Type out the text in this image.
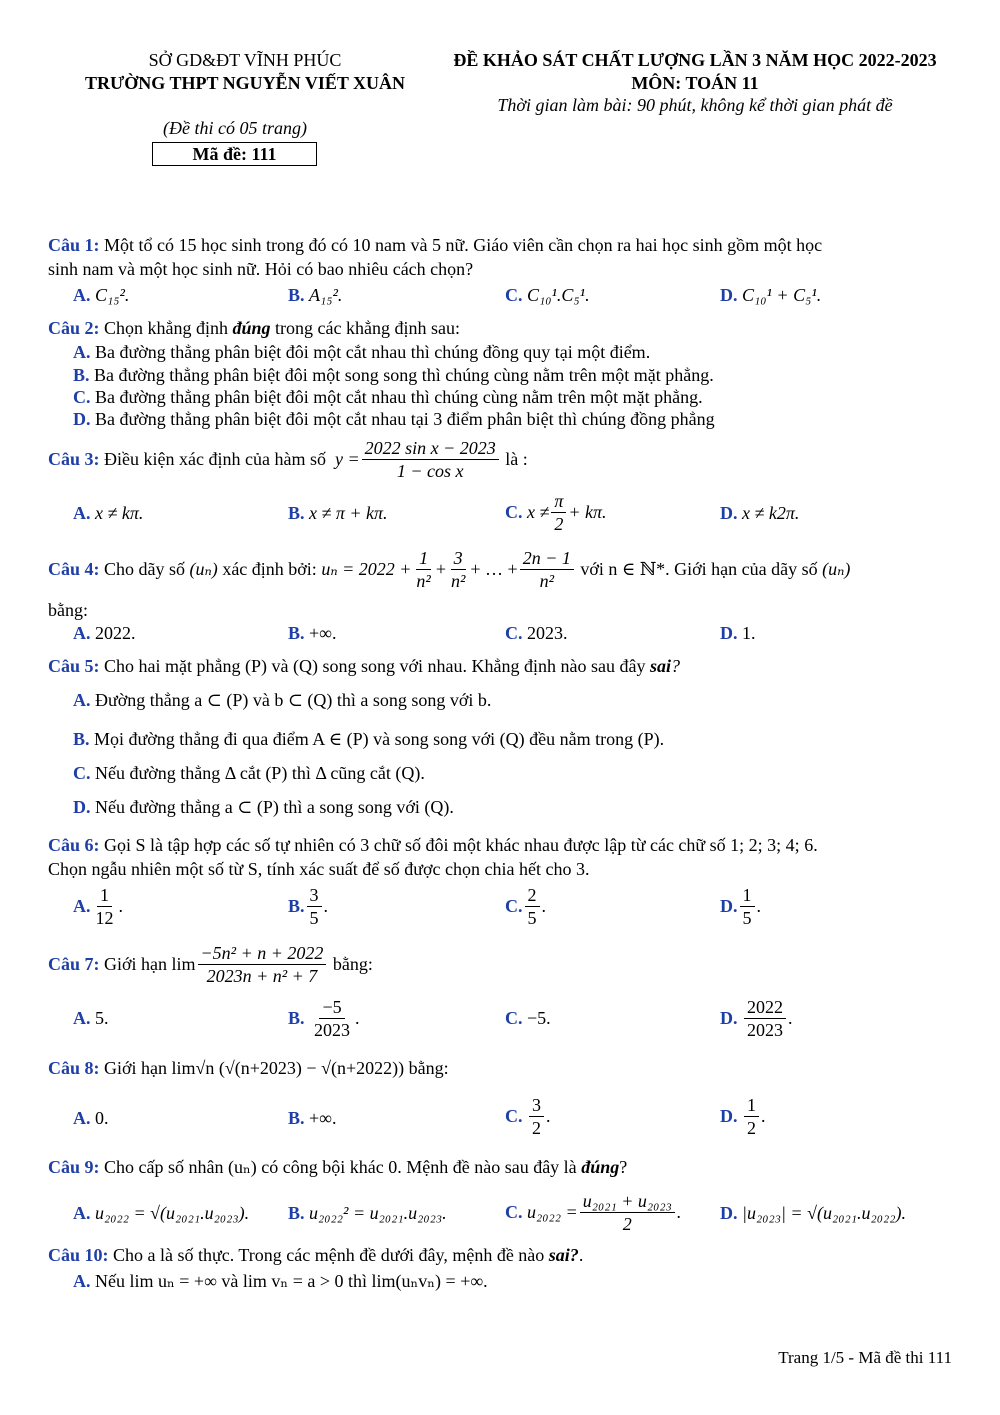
SỞ GD&ĐT VĨNH PHÚC
TRƯỜNG THPT NGUYỄN VIẾT XUÂN
(Đề thi có 05 trang)
Mã đề: 111
ĐỀ KHẢO SÁT CHẤT LƯỢNG LẦN 3 NĂM HỌC 2022-2023
MÔN: TOÁN 11
Thời gian làm bài: 90 phút, không kể thời gian phát đề
Câu 1: Một tổ có 15 học sinh trong đó có 10 nam và 5 nữ. Giáo viên cần chọn ra hai học sinh gồm một học
sinh nam và một học sinh nữ. Hỏi có bao nhiêu cách chọn?
A. C₁₅².	B. A₁₅².	C. C₁₀¹.C₅¹.	D. C₁₀¹ + C₅¹.
Câu 2: Chọn khẳng định đúng trong các khẳng định sau:
A. Ba đường thẳng phân biệt đôi một cắt nhau thì chúng đồng quy tại một điểm.
B. Ba đường thẳng phân biệt đôi một song song thì chúng cùng nằm trên một mặt phẳng.
C. Ba đường thẳng phân biệt đôi một cắt nhau thì chúng cùng nằm trên một mặt phẳng.
D. Ba đường thẳng phân biệt đôi một cắt nhau tại 3 điểm phân biệt thì chúng đồng phẳng
Câu 3:
Điều kiện xác định của hàm số
$y = \frac{\text{2022 sin x − 2023}}{\text{1 − cos x}}$
là :
A. x ≠ kπ.	B. x ≠ π + kπ.	C.
$x \ne \frac{\pi}{2} + k\pi$.	D. x ≠ k2π.
Câu 4:
Cho dãy số
(uₙ)
xác định bởi:
$u_n = 2022 + \frac{1}{\text{n²}} + \frac{3}{\text{n²}}$ + … + $\frac{2n - 1}{\text{n²}}$
với n ∈ ℕ*. Giới hạn của dãy số
(uₙ)
bằng:
A. 2022.	B. +∞.	C. 2023.	D. 1.
Câu 5: Cho hai mặt phẳng (P) và (Q) song song với nhau. Khẳng định nào sau đây sai?
A. Đường thẳng a ⊂ (P) và b ⊂ (Q) thì a song song với b.
B. Mọi đường thẳng đi qua điểm A ∈ (P) và song song với (Q) đều nằm trong (P).
C. Nếu đường thẳng Δ cắt (P) thì Δ cũng cắt (Q).
D. Nếu đường thẳng a ⊂ (P) thì a song song với (Q).
Câu 6: Gọi S là tập hợp các số tự nhiên có 3 chữ số đôi một khác nhau được lập từ các chữ số 1; 2; 3; 4; 6.
Chọn ngẫu nhiên một số từ S, tính xác suất để số được chọn chia hết cho 3.
A. $\frac{1}{12}$ .	B. $\frac{3}{5}$ .	C. $\frac{2}{5}$ .	D. $\frac{1}{5}$ .
Câu 7:
Giới hạn $\lim \frac{\text{−5n² + n + 2022}}{\text{2023n + n² + 7}}$
bằng:
A. 5.	B.
$\frac{-5}{2023}$ .	C. −5.	D.
$\frac{2022}{2023}$ .
Câu 8: Giới hạn lim√n (√(n+2023) − √(n+2022)) bằng:
A. 0.	B. +∞.	C.
$\frac{3}{2}$ .	D.
$\frac{1}{2}$ .
Câu 9: Cho cấp số nhân (uₙ) có công bội khác 0. Mệnh đề nào sau đây là đúng?
A. u₂₀₂₂ = √(u₂₀₂₁.u₂₀₂₃). B. u₂₀₂₂² = u₂₀₂₁.u₂₀₂₃.	C.
$u_{2022} = \frac{\text{u₂₀₂₁ + u₂₀₂₃}}{2}$ . D. |u₂₀₂₃| = √(u₂₀₂₁.u₂₀₂₂).
Câu 10: Cho a là số thực. Trong các mệnh đề dưới đây, mệnh đề nào sai?.
A. Nếu lim uₙ = +∞ và lim vₙ = a > 0 thì lim(uₙvₙ) = +∞.
Trang 1/5 - Mã đề thi 111
